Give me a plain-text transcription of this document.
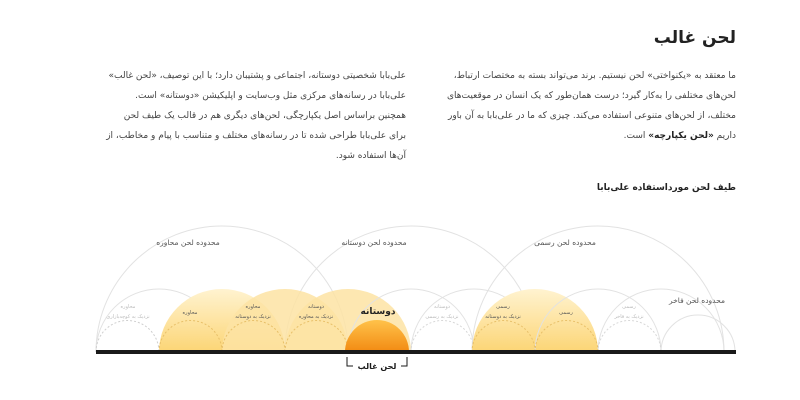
لحن غالب

ما معتقد به «یکنواختی» لحن نیستیم. برند می‌تواند بسته به مختصات ارتباط، لحن‌های مختلفی را به‌کار گیرد؛ درست همان‌طور که یک انسان در موقعیت‌های مختلف، از لحن‌های متنوعی استفاده می‌کند. چیزی که ما در علی‌بابا به آن باور داریم «لحن یکپارچه» است.

علی‌بابا شخصیتی دوستانه، اجتماعی و پشتیبان دارد؛ با این توصیف، «لحن غالب» علی‌بابا در رسانه‌های مرکزی مثل وب‌سایت و اپلیکیشن «دوستانه» است. همچنین براساس اصل یکپارچگی، لحن‌های دیگری هم در قالب یک طیف لحن برای علی‌بابا طراحی شده تا در رسانه‌های مختلف و متناسب با پیام و مخاطب، از آن‌ها استفاده شود.

طیف لحن مورداستفاده علی‌بابا
لحن غالب
محدوده لحن محاوره	محدوده لحن دوستانه	محدوده لحن رسمی
محدوده لحن فاخر
محاوره
نزدیک به کوچه‌بازاری
محاوره
محاوره
نزدیک به دوستانه
دوستانه
نزدیک به محاوره	دوستانه	دوستانه
نزدیک به رسمی
رسمی
نزدیک به دوستانه
رسمی
رسمی
نزدیک به فاخر
